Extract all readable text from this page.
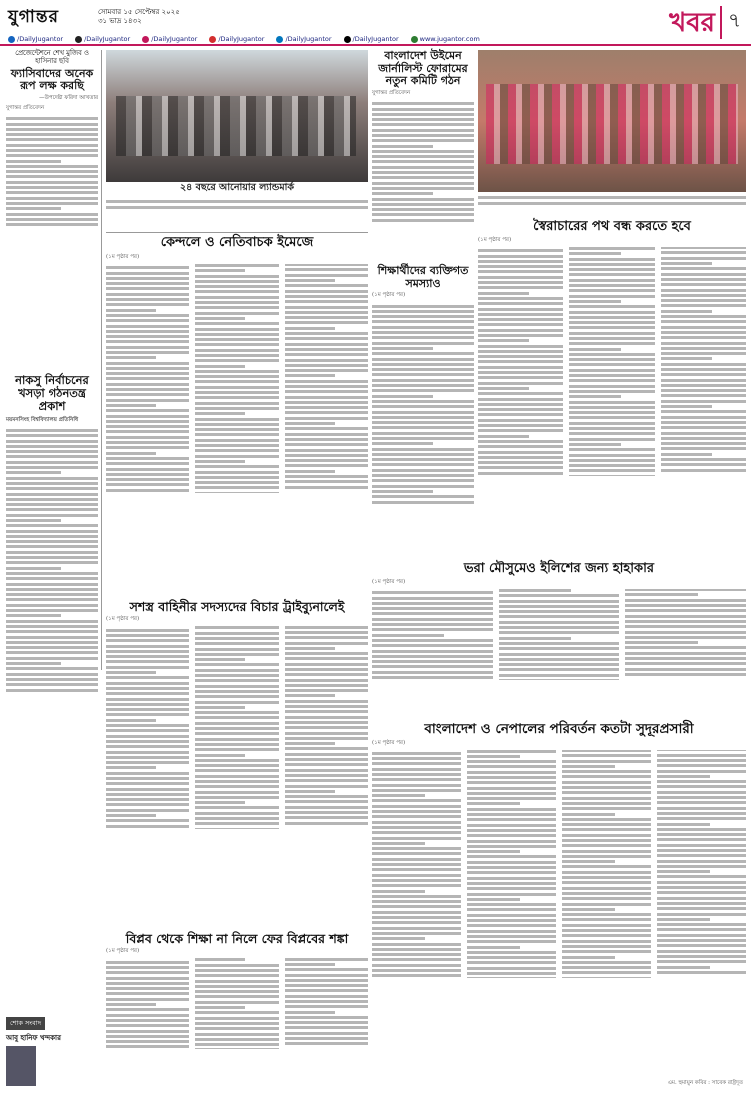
যুগান্তর	সোমবার ১৫ সেপ্টেম্বর ২০২৫
৩১ ভাদ্র ১৪৩২	খবর ৭
/DailyJugantor	/DailyJugantor	/DailyJugantor	/DailyJugantor	/DailyJugantor	/DailyJugantor	www.jugantor.com
প্রেজেন্টেশনে শেখ মুজিব ও হাসিনার ছবি
ফ্যাসিবাদের অনেক রূপ লক্ষ করছি
—উপদেষ্টা ফরিদা আখতার
যুগান্তর প্রতিবেদন
নাকসু নির্বাচনের খসড়া গঠনতন্ত্র প্রকাশ
ময়মনসিংহ বিশ্ববিদ্যালয় প্রতিনিধি
শোক সংবাদ
আবু হানিফ খন্দকার
২৪ বছরে আনোয়ার ল্যান্ডমার্ক
কেন্দলে ও নেতিবাচক ইমেজে
(১ম পৃষ্ঠার পর)
বাংলাদেশ উইমেন জার্নালিস্ট ফোরামের নতুন কমিটি গঠন
যুগান্তর প্রতিবেদন
শিক্ষার্থীদের ব্যক্তিগত সমস্যাও
(১ম পৃষ্ঠার পর)
স্বৈরাচারের পথ বন্ধ করতে হবে
(১ম পৃষ্ঠার পর)
ভরা মৌসুমেও ইলিশের জন্য হাহাকার
(১ম পৃষ্ঠার পর)
সশস্ত্র বাহিনীর সদস্যদের বিচার ট্রাইব্যুনালেই
(১ম পৃষ্ঠার পর)
বাংলাদেশ ও নেপালের পরিবর্তন কতটা সুদূরপ্রসারী
(১ম পৃষ্ঠার পর)
বিপ্লব থেকে শিক্ষা না নিলে ফের বিপ্লবের শঙ্কা
(১ম পৃষ্ঠার পর)
এম. হুমায়ুন কবির : সাবেক রাষ্ট্রদূত
